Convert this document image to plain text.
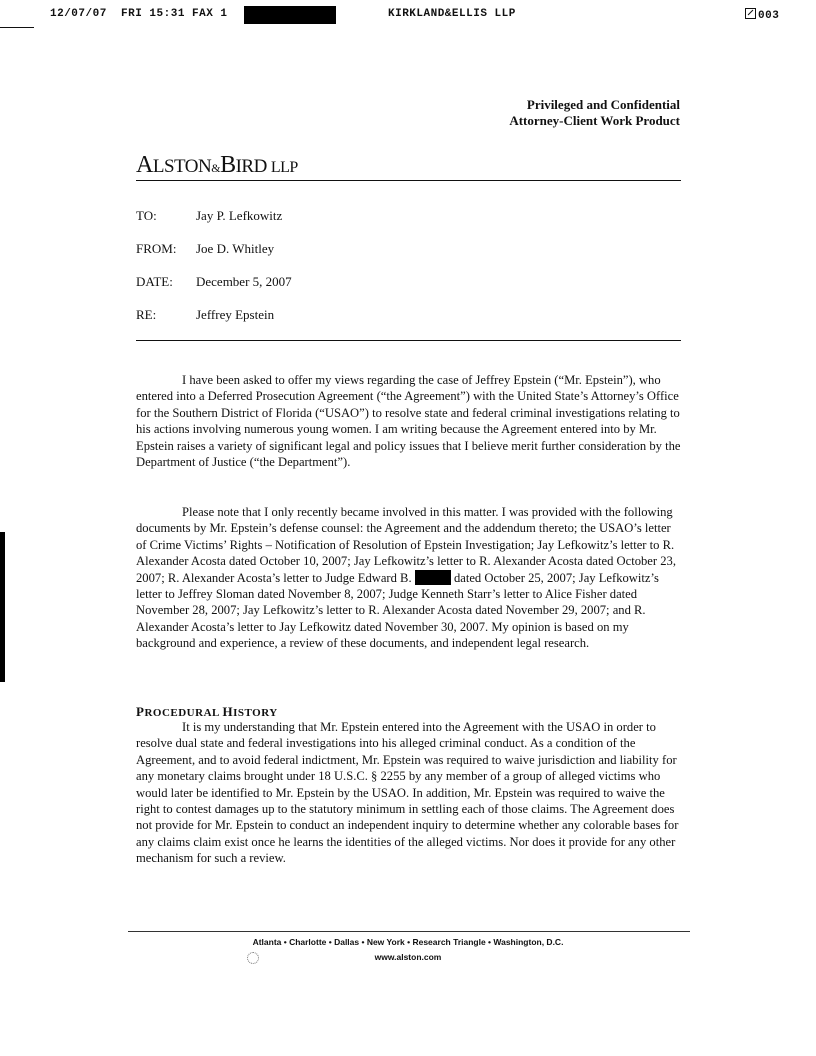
12/07/07 FRI 15:31 FAX 1	KIRKLAND&ELLIS LLP	003
Privileged and Confidential
Attorney-Client Work Product
ALSTON&BIRD LLP
TO:	Jay P. Lefkowitz
FROM: Joe D. Whitley
DATE: December 5, 2007
RE:	Jeffrey Epstein

I have been asked to offer my views regarding the case of Jeffrey Epstein (“Mr. Epstein”), who entered into a Deferred Prosecution Agreement (“the Agreement”) with the United State’s Attorney’s Office for the Southern District of Florida (“USAO”) to resolve state and federal criminal investigations relating to his actions involving numerous young women. I am writing because the Agreement entered into by Mr. Epstein raises a variety of significant legal and policy issues that I believe merit further consideration by the Department of Justice (“the Department”).

Please note that I only recently became involved in this matter. I was provided with the following documents by Mr. Epstein’s defense counsel: the Agreement and the addendum thereto; the USAO’s letter of Crime Victims’ Rights – Notification of Resolution of Epstein Investigation; Jay Lefkowitz’s letter to R. Alexander Acosta dated October 10, 2007; Jay Lefkowitz’s letter to R. Alexander Acosta dated October 23, 2007; R. Alexander Acosta’s letter to Judge Edward B.	dated October 25, 2007; Jay Lefkowitz’s letter to Jeffrey Sloman dated November 8, 2007; Judge Kenneth Starr’s letter to Alice Fisher dated November 28, 2007; Jay Lefkowitz’s letter to R. Alexander Acosta dated November 29, 2007; and R. Alexander Acosta’s letter to Jay Lefkowitz dated November 30, 2007. My opinion is based on my background and experience, a review of these documents, and independent legal research.

PROCEDURAL HISTORY

It is my understanding that Mr. Epstein entered into the Agreement with the USAO in order to resolve dual state and federal investigations into his alleged criminal conduct. As a condition of the Agreement, and to avoid federal indictment, Mr. Epstein was required to waive jurisdiction and liability for any monetary claims brought under 18 U.S.C. § 2255 by any member of a group of alleged victims who would later be identified to Mr. Epstein by the USAO. In addition, Mr. Epstein was required to waive the right to contest damages up to the statutory minimum in settling each of those claims. The Agreement does not provide for Mr. Epstein to conduct an independent inquiry to determine whether any colorable bases for any claims claim exist once he learns the identities of the alleged victims. Nor does it provide for any other mechanism for such a review.

Atlanta • Charlotte • Dallas • New York • Research Triangle • Washington, D.C.
www.alston.com
